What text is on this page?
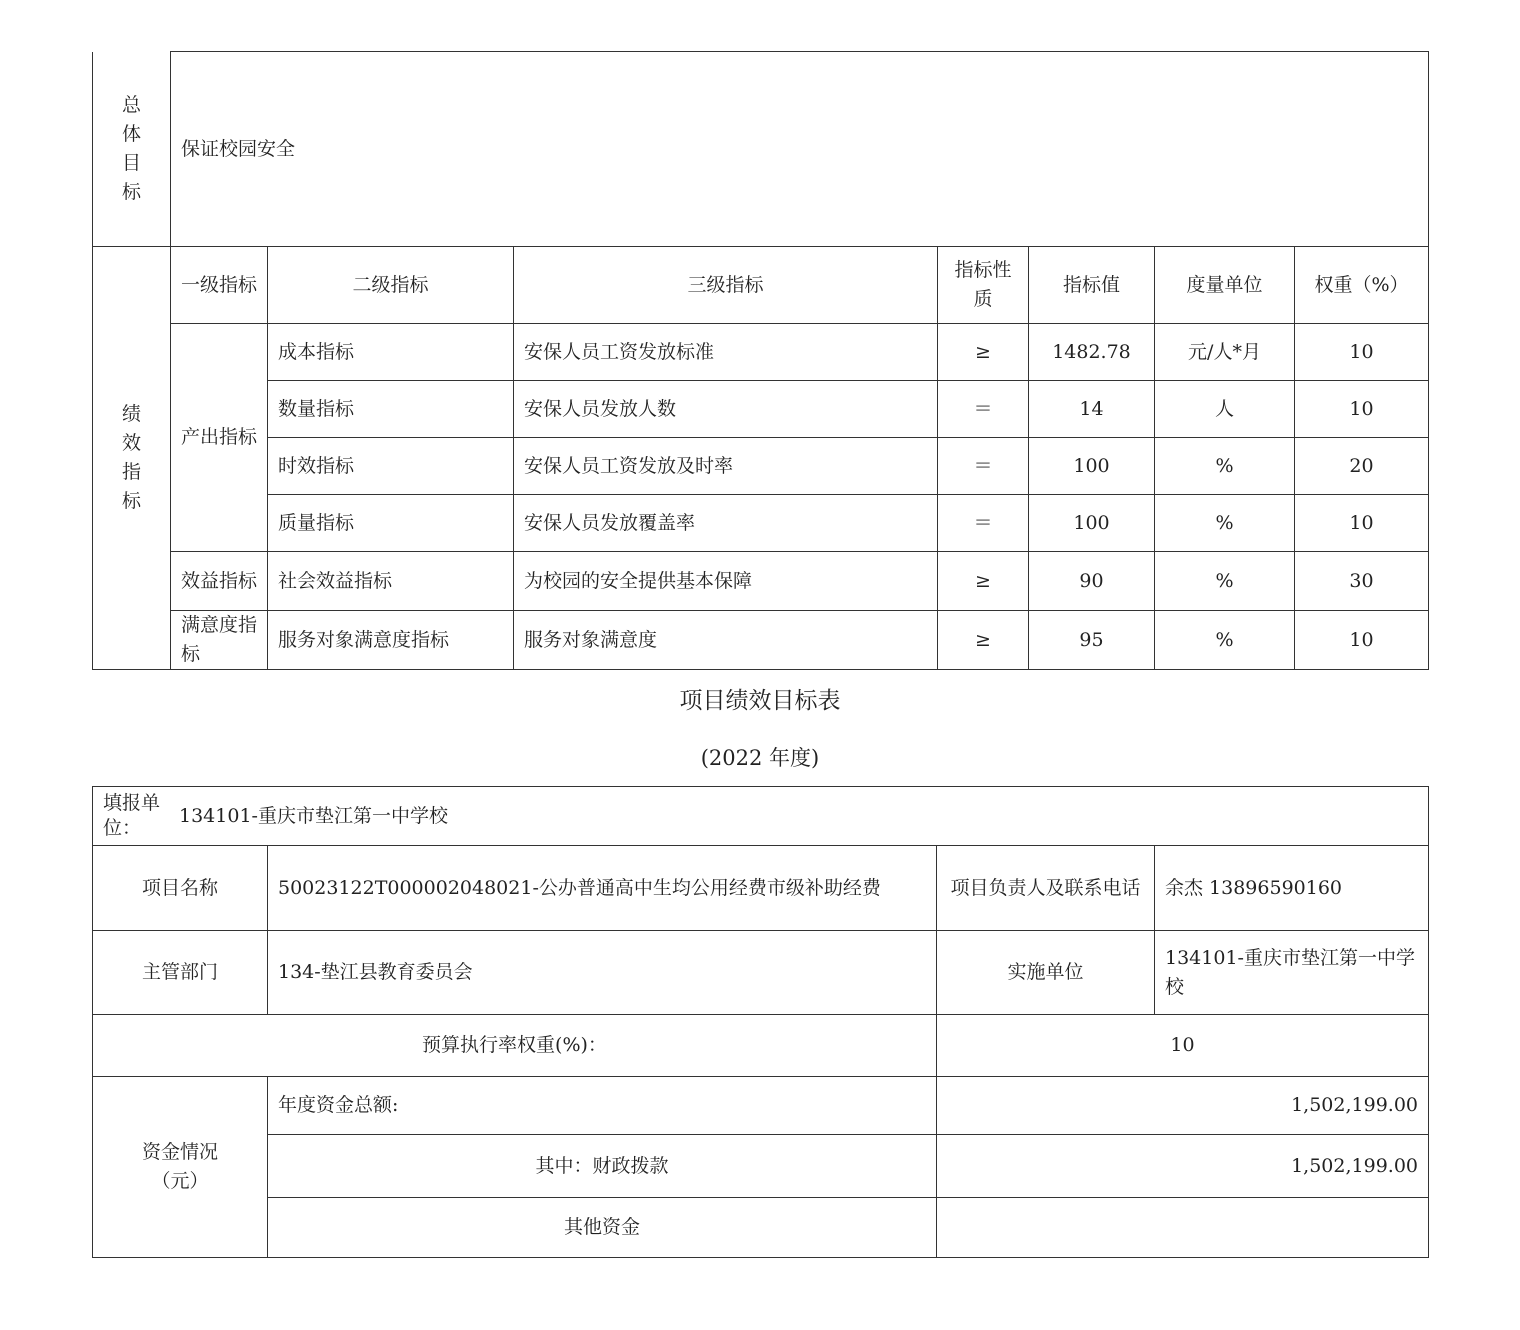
总体目标	保证校园安全						

绩效指标	一级指标	二级指标	三级指标	指标性质	指标值	度量单位	权重（%）
	产出指标	成本指标	安保人员工资发放标准	≥	1482.78	元/人*月	10
		数量指标	安保人员发放人数	＝	14	人	10
		时效指标	安保人员工资发放及时率	＝	100	%	20
		质量指标	安保人员发放覆盖率	＝	100	%	10
	效益指标	社会效益指标	为校园的安全提供基本保障	≥	90	%	30
	满意度指标	服务对象满意度指标	服务对象满意度	≥	95	%	10
项目绩效目标表
(2022 年度)
填报单位：
134101-重庆市垫江第一中学校			

项目名称	50023122T000002048021-公办普通高中生均公用经费市级补助经费	项目负责人及联系电话	余杰 13896590160
主管部门	134-垫江县教育委员会	实施单位	134101-重庆市垫江第一中学校
预算执行率权重(%)：		10	

资金情况（元）	年度资金总额:	1,502,199.00	
	其中：财政拨款	1,502,199.00	
	其他资金		
